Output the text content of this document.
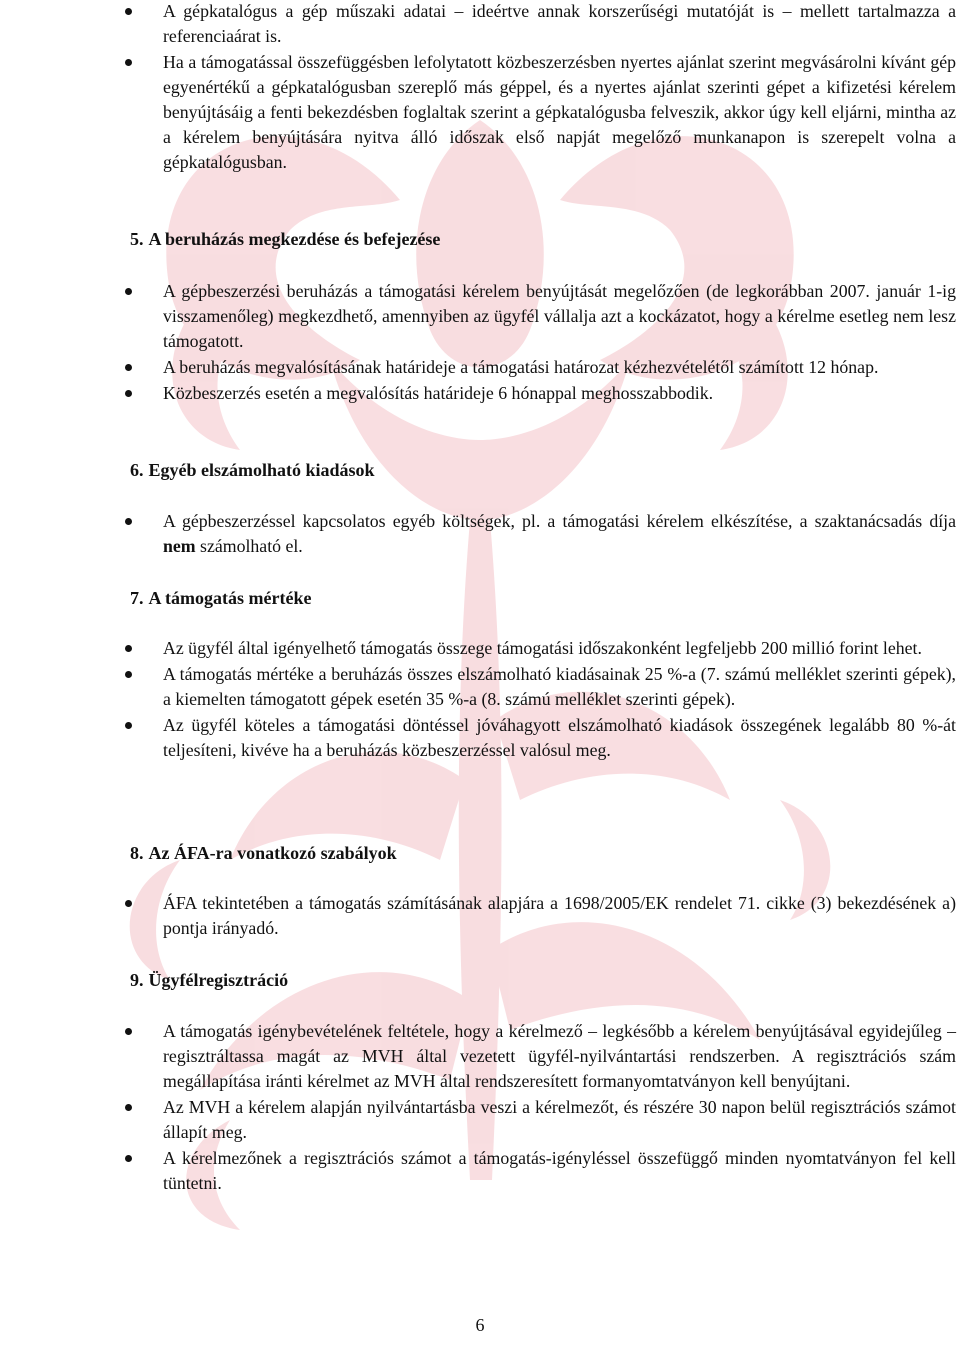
A gépkatalógus a gép műszaki adatai – ideértve annak korszerűségi mutatóját is – mellett tartalmazza a referenciaárat is.
Ha a támogatással összefüggésben lefolytatott közbeszerzésben nyertes ajánlat szerint megvásárolni kívánt gép egyenértékű a gépkatalógusban szereplő más géppel, és a nyertes ajánlat szerinti gépet a kifizetési kérelem benyújtásáig a fenti bekezdésben foglaltak szerint a gépkatalógusba felveszik, akkor úgy kell eljárni, mintha az a kérelem benyújtására nyitva álló időszak első napját megelőző munkanapon is szerepelt volna a gépkatalógusban.
5. A beruházás megkezdése és befejezése
A gépbeszerzési beruházás a támogatási kérelem benyújtását megelőzően (de legkorábban 2007. január 1-ig visszamenőleg) megkezdhető, amennyiben az ügyfél vállalja azt a kockázatot, hogy a kérelme esetleg nem lesz támogatott.
A beruházás megvalósításának határideje a támogatási határozat kézhezvételétől számított 12 hónap.
Közbeszerzés esetén a megvalósítás határideje 6 hónappal meghosszabbodik.
6. Egyéb elszámolható kiadások
A gépbeszerzéssel kapcsolatos egyéb költségek, pl. a támogatási kérelem elkészítése, a szaktanácsadás díja nem számolható el.
7. A támogatás mértéke
Az ügyfél által igényelhető támogatás összege támogatási időszakonként legfeljebb 200 millió forint lehet.
A támogatás mértéke a beruházás összes elszámolható kiadásainak 25 %-a (7. számú melléklet szerinti gépek), a kiemelten támogatott gépek esetén 35 %-a (8. számú melléklet szerinti gépek).
Az ügyfél köteles a támogatási döntéssel jóváhagyott elszámolható kiadások összegének legalább 80 %-át teljesíteni, kivéve ha a beruházás közbeszerzéssel valósul meg.
8. Az ÁFA-ra vonatkozó szabályok
ÁFA tekintetében a támogatás számításának alapjára a 1698/2005/EK rendelet 71. cikke (3) bekezdésének a) pontja irányadó.
9. Ügyfélregisztráció
A támogatás igénybevételének feltétele, hogy a kérelmező – legkésőbb a kérelem benyújtásával egyidejűleg – regisztráltassa magát az MVH által vezetett ügyfél-nyilvántartási rendszerben. A regisztrációs szám megállapítása iránti kérelmet az MVH által rendszeresített formanyomtatványon kell benyújtani.
Az MVH a kérelem alapján nyilvántartásba veszi a kérelmezőt, és részére 30 napon belül regisztrációs számot állapít meg.
A kérelmezőnek a regisztrációs számot a támogatás-igényléssel összefüggő minden nyomtatványon fel kell tüntetni.
6
